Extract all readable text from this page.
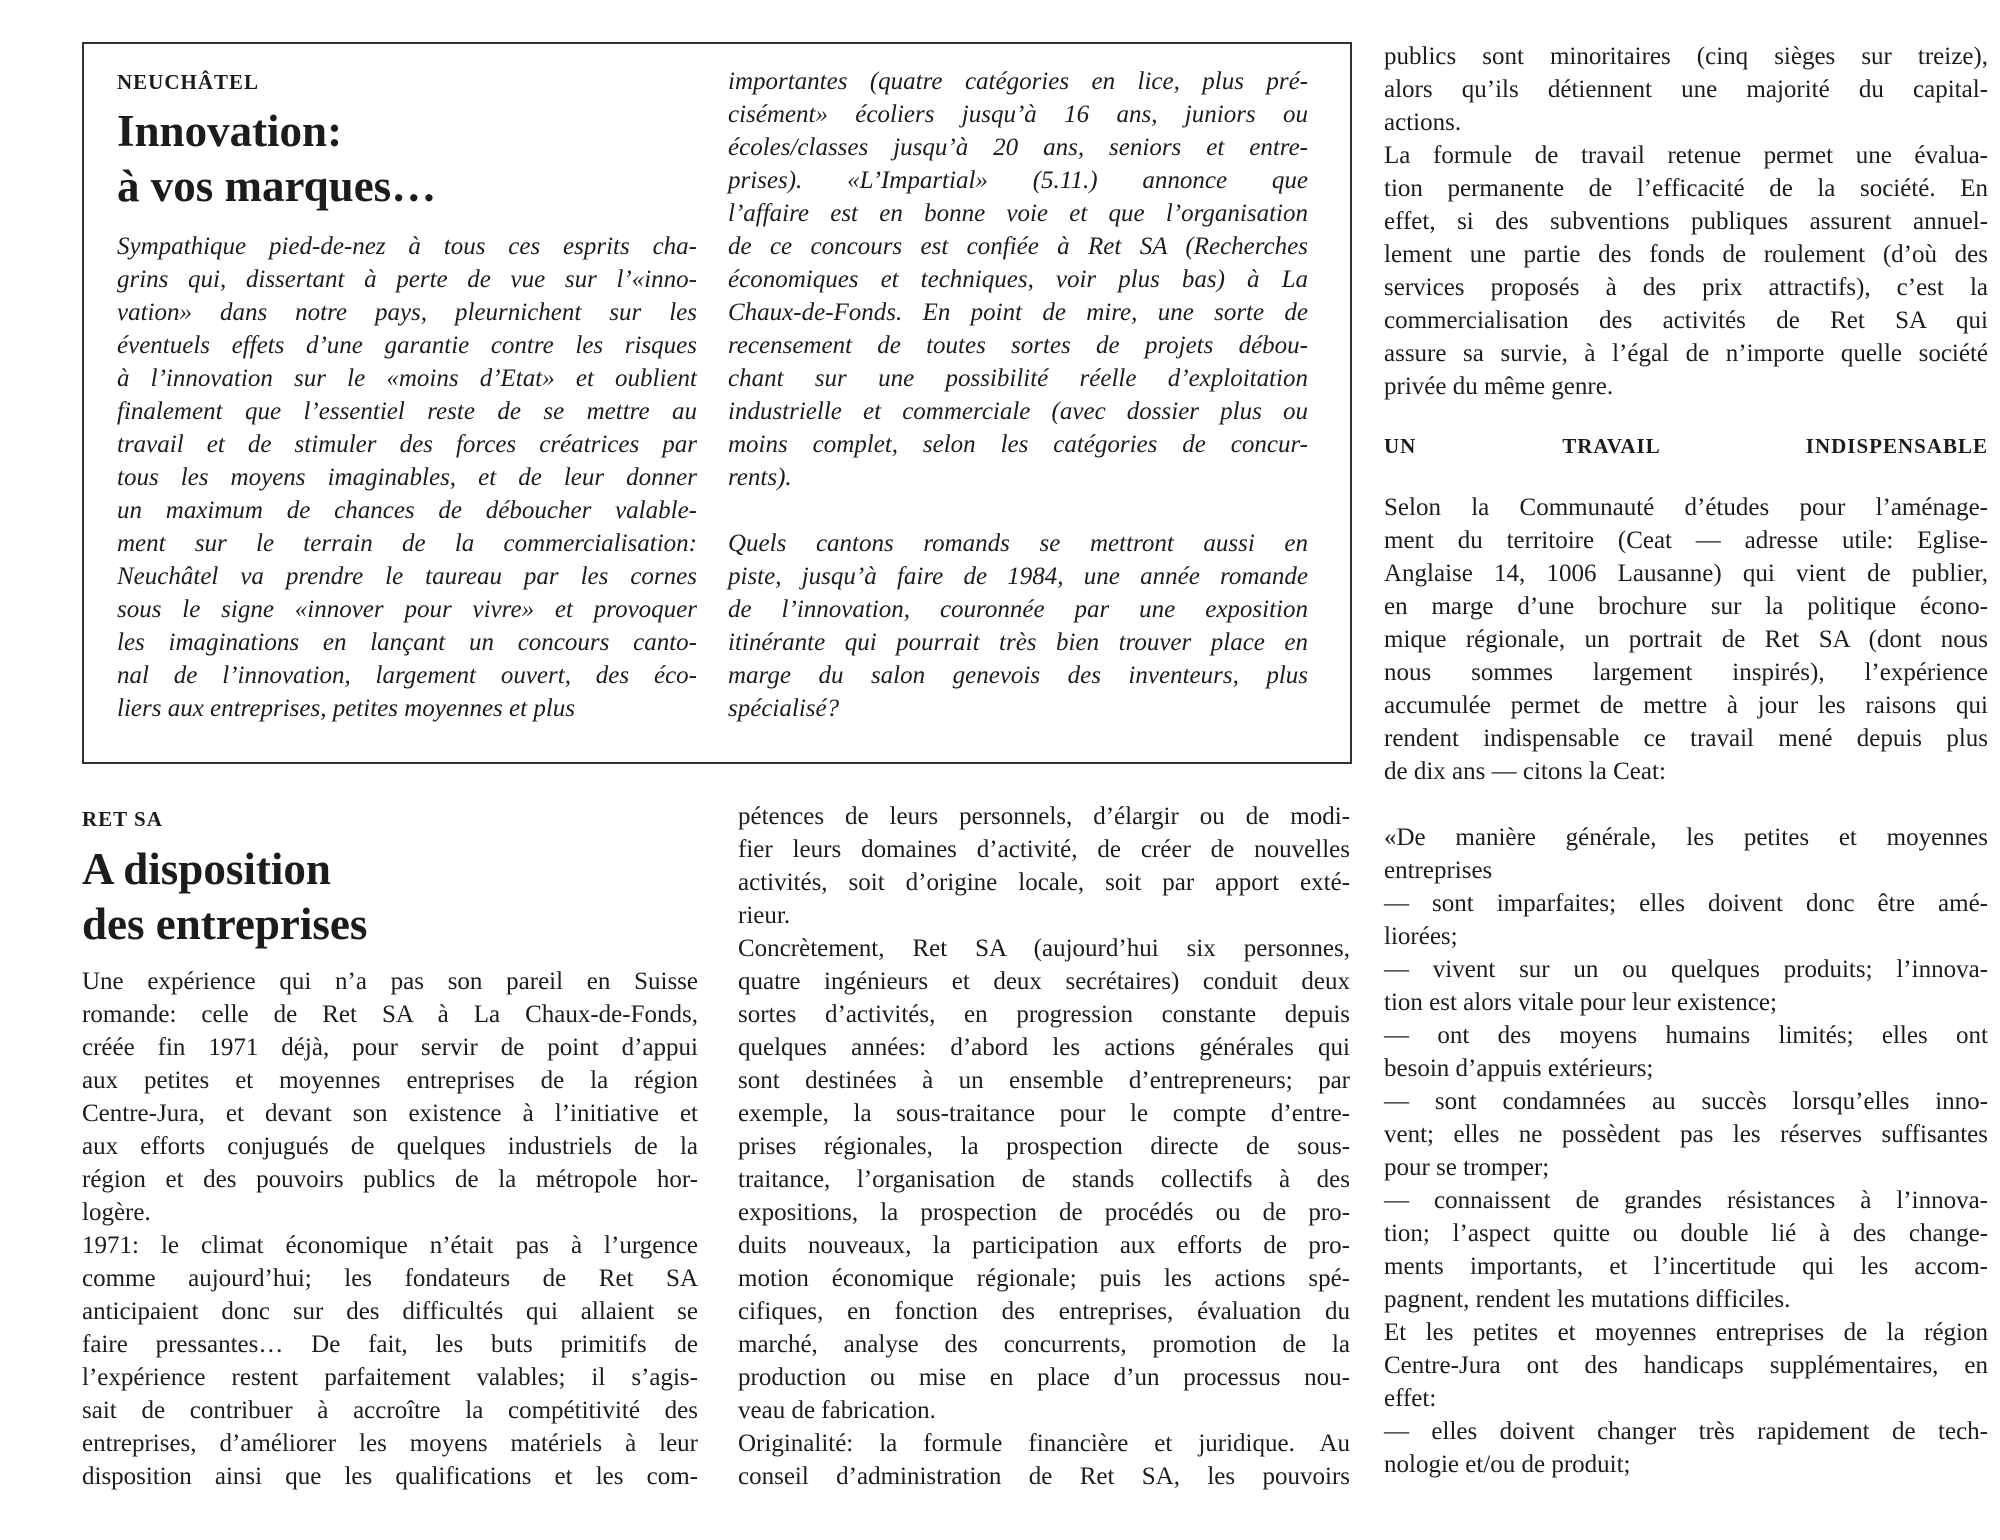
NEUCHÂTEL
Innovation:
à vos marques…
Sympathique pied-de-nez à tous ces esprits cha-
grins qui, dissertant à perte de vue sur l’«inno-
vation» dans notre pays, pleurnichent sur les
éventuels effets d’une garantie contre les risques
à l’innovation sur le «moins d’Etat» et oublient
finalement que l’essentiel reste de se mettre au
travail et de stimuler des forces créatrices par
tous les moyens imaginables, et de leur donner
un maximum de chances de déboucher valable-
ment sur le terrain de la commercialisation:
Neuchâtel va prendre le taureau par les cornes
sous le signe «innover pour vivre» et provoquer
les imaginations en lançant un concours canto-
nal de l’innovation, largement ouvert, des éco-
liers aux entreprises, petites moyennes et plus
importantes (quatre catégories en lice, plus pré-
cisément» écoliers jusqu’à 16 ans, juniors ou
écoles/classes jusqu’à 20 ans, seniors et entre-
prises). «L’Impartial» (5.11.) annonce que
l’affaire est en bonne voie et que l’organisation
de ce concours est confiée à Ret SA (Recherches
économiques et techniques, voir plus bas) à La
Chaux-de-Fonds. En point de mire, une sorte de
recensement de toutes sortes de projets débou-
chant sur une possibilité réelle d’exploitation
industrielle et commerciale (avec dossier plus ou
moins complet, selon les catégories de concur-
rents).
Quels cantons romands se mettront aussi en
piste, jusqu’à faire de 1984, une année romande
de l’innovation, couronnée par une exposition
itinérante qui pourrait très bien trouver place en
marge du salon genevois des inventeurs, plus
spécialisé?
RET SA
A disposition
des entreprises
Une expérience qui n’a pas son pareil en Suisse
romande: celle de Ret SA à La Chaux-de-Fonds,
créée fin 1971 déjà, pour servir de point d’appui
aux petites et moyennes entreprises de la région
Centre-Jura, et devant son existence à l’initiative et
aux efforts conjugués de quelques industriels de la
région et des pouvoirs publics de la métropole hor-
logère.
1971: le climat économique n’était pas à l’urgence
comme aujourd’hui; les fondateurs de Ret SA
anticipaient donc sur des difficultés qui allaient se
faire pressantes… De fait, les buts primitifs de
l’expérience restent parfaitement valables; il s’agis-
sait de contribuer à accroître la compétitivité des
entreprises, d’améliorer les moyens matériels à leur
disposition ainsi que les qualifications et les com-
pétences de leurs personnels, d’élargir ou de modi-
fier leurs domaines d’activité, de créer de nouvelles
activités, soit d’origine locale, soit par apport exté-
rieur.
Concrètement, Ret SA (aujourd’hui six personnes,
quatre ingénieurs et deux secrétaires) conduit deux
sortes d’activités, en progression constante depuis
quelques années: d’abord les actions générales qui
sont destinées à un ensemble d’entrepreneurs; par
exemple, la sous-traitance pour le compte d’entre-
prises régionales, la prospection directe de sous-
traitance, l’organisation de stands collectifs à des
expositions, la prospection de procédés ou de pro-
duits nouveaux, la participation aux efforts de pro-
motion économique régionale; puis les actions spé-
cifiques, en fonction des entreprises, évaluation du
marché, analyse des concurrents, promotion de la
production ou mise en place d’un processus nou-
veau de fabrication.
Originalité: la formule financière et juridique. Au
conseil d’administration de Ret SA, les pouvoirs
publics sont minoritaires (cinq sièges sur treize),
alors qu’ils détiennent une majorité du capital-
actions.
La formule de travail retenue permet une évalua-
tion permanente de l’efficacité de la société. En
effet, si des subventions publiques assurent annuel-
lement une partie des fonds de roulement (d’où des
services proposés à des prix attractifs), c’est la
commercialisation des activités de Ret SA qui
assure sa survie, à l’égal de n’importe quelle société
privée du même genre.
UN TRAVAIL INDISPENSABLE
Selon la Communauté d’études pour l’aménage-
ment du territoire (Ceat — adresse utile: Eglise-
Anglaise 14, 1006 Lausanne) qui vient de publier,
en marge d’une brochure sur la politique écono-
mique régionale, un portrait de Ret SA (dont nous
nous sommes largement inspirés), l’expérience
accumulée permet de mettre à jour les raisons qui
rendent indispensable ce travail mené depuis plus
de dix ans — citons la Ceat:
«De manière générale, les petites et moyennes
entreprises
— sont imparfaites; elles doivent donc être amé-
liorées;
— vivent sur un ou quelques produits; l’innova-
tion est alors vitale pour leur existence;
— ont des moyens humains limités; elles ont
besoin d’appuis extérieurs;
— sont condamnées au succès lorsqu’elles inno-
vent; elles ne possèdent pas les réserves suffisantes
pour se tromper;
— connaissent de grandes résistances à l’innova-
tion; l’aspect quitte ou double lié à des change-
ments importants, et l’incertitude qui les accom-
pagnent, rendent les mutations difficiles.
Et les petites et moyennes entreprises de la région
Centre-Jura ont des handicaps supplémentaires, en
effet:
— elles doivent changer très rapidement de tech-
nologie et/ou de produit;
